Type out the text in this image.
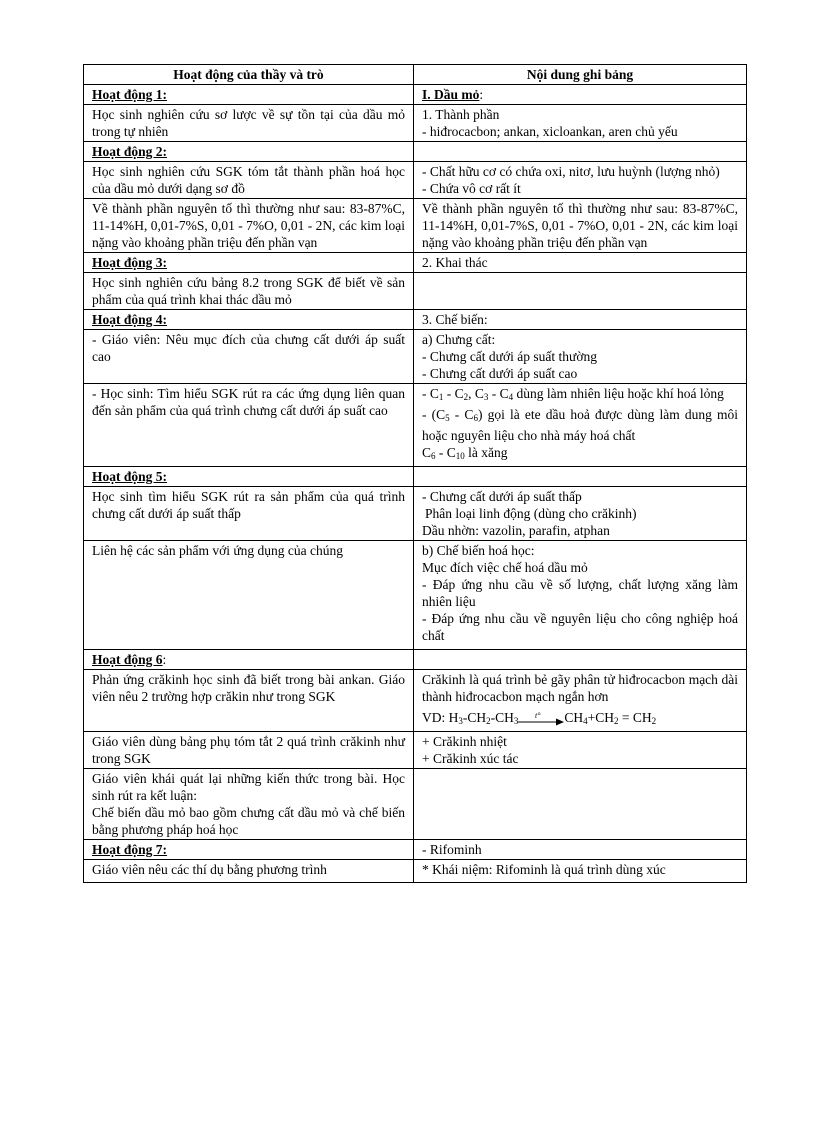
Hoạt động của thầy và trò	Nội dung ghi bảng
Hoạt động 1:	I. Dầu mỏ:
Học sinh nghiên cứu sơ lược về sự tồn tại của dầu mỏ trong tự nhiên	1. Thành phần
- hiđrocacbon; ankan, xicloankan, aren chủ yếu

Hoạt động 2:	
Học sinh nghiên cứu SGK tóm tắt thành phần hoá học của dầu mỏ dưới dạng sơ đồ	- Chất hữu cơ có chứa oxi, nitơ, lưu huỳnh (lượng nhỏ)
- Chứa vô cơ rất ít

Về thành phần nguyên tố thì thường như sau: 83-87%C, 11-14%H, 0,01-7%S, 0,01 - 7%O, 0,01 - 2N, các kim loại nặng vào khoảng phần triệu đến phần vạn	Về thành phần nguyên tố thì thường như sau: 83-87%C, 11-14%H, 0,01-7%S, 0,01 - 7%O, 0,01 - 2N, các kim loại nặng vào khoảng phần triệu đến phần vạn
Hoạt động 3:	2. Khai thác
Học sinh nghiên cứu bảng 8.2 trong SGK để biết về sản phẩm của quá trình khai thác dầu mỏ	
Hoạt động 4:	3. Chế biến:
- Giáo viên: Nêu mục đích của chưng cất dưới áp suất cao	a) Chưng cất:
- Chưng cất dưới áp suất thường
- Chưng cất dưới áp suất cao

- Học sinh: Tìm hiểu SGK rút ra các ứng dụng liên quan đến sản phẩm của quá trình chưng cất dưới áp suất cao	- $C_1 - C_2$, $C_3 - C_4$ dùng làm nhiên liệu hoặc khí hoá lỏng
- $(C_5 - C_6)$ gọi là ete dầu hoả được dùng làm dung môi hoặc nguyên liệu cho nhà máy hoá chất
$C_6 - C_{10}$ là xăng

Hoạt động 5:	
Học sinh tìm hiểu SGK rút ra sản phẩm của quá trình chưng cất dưới áp suất thấp	- Chưng cất dưới áp suất thấp
Phân loại linh động (dùng cho crăkinh)
Dầu nhờn: vazolin, parafin, atphan

Liên hệ các sản phẩm với ứng dụng của chúng	b) Chế biến hoá học:
Mục đích việc chế hoá dầu mỏ
- Đáp ứng nhu cầu về số lượng, chất lượng xăng làm nhiên liệu
- Đáp ứng nhu cầu về nguyên liệu cho công nghiệp hoá chất

Hoạt động 6:	
Phản ứng crăkinh học sinh đã biết trong bài ankan. Giáo viên nêu 2 trường hợp crăkin như trong SGK	Crăkinh là quá trình bẻ gãy phân tử hiđrocacbon mạch dài thành hiđrocacbon mạch ngắn hơn
VD: $H_3-CH_2-CH_3$
t° $CH_4+CH_2 = CH_2$

Giáo viên dùng bảng phụ tóm tắt 2 quá trình crăkinh như trong SGK	+ Crăkinh nhiệt
+ Crăkinh xúc tác

Giáo viên khái quát lại những kiến thức trong bài. Học sinh rút ra kết luận:
Chế biến dầu mỏ bao gồm chưng cất dầu mỏ và chế biến bằng phương pháp hoá học	

Hoạt động 7:	- Rifominh
Giáo viên nêu các thí dụ bằng phương trình	* Khái niệm: Rifominh là quá trình dùng xúc
